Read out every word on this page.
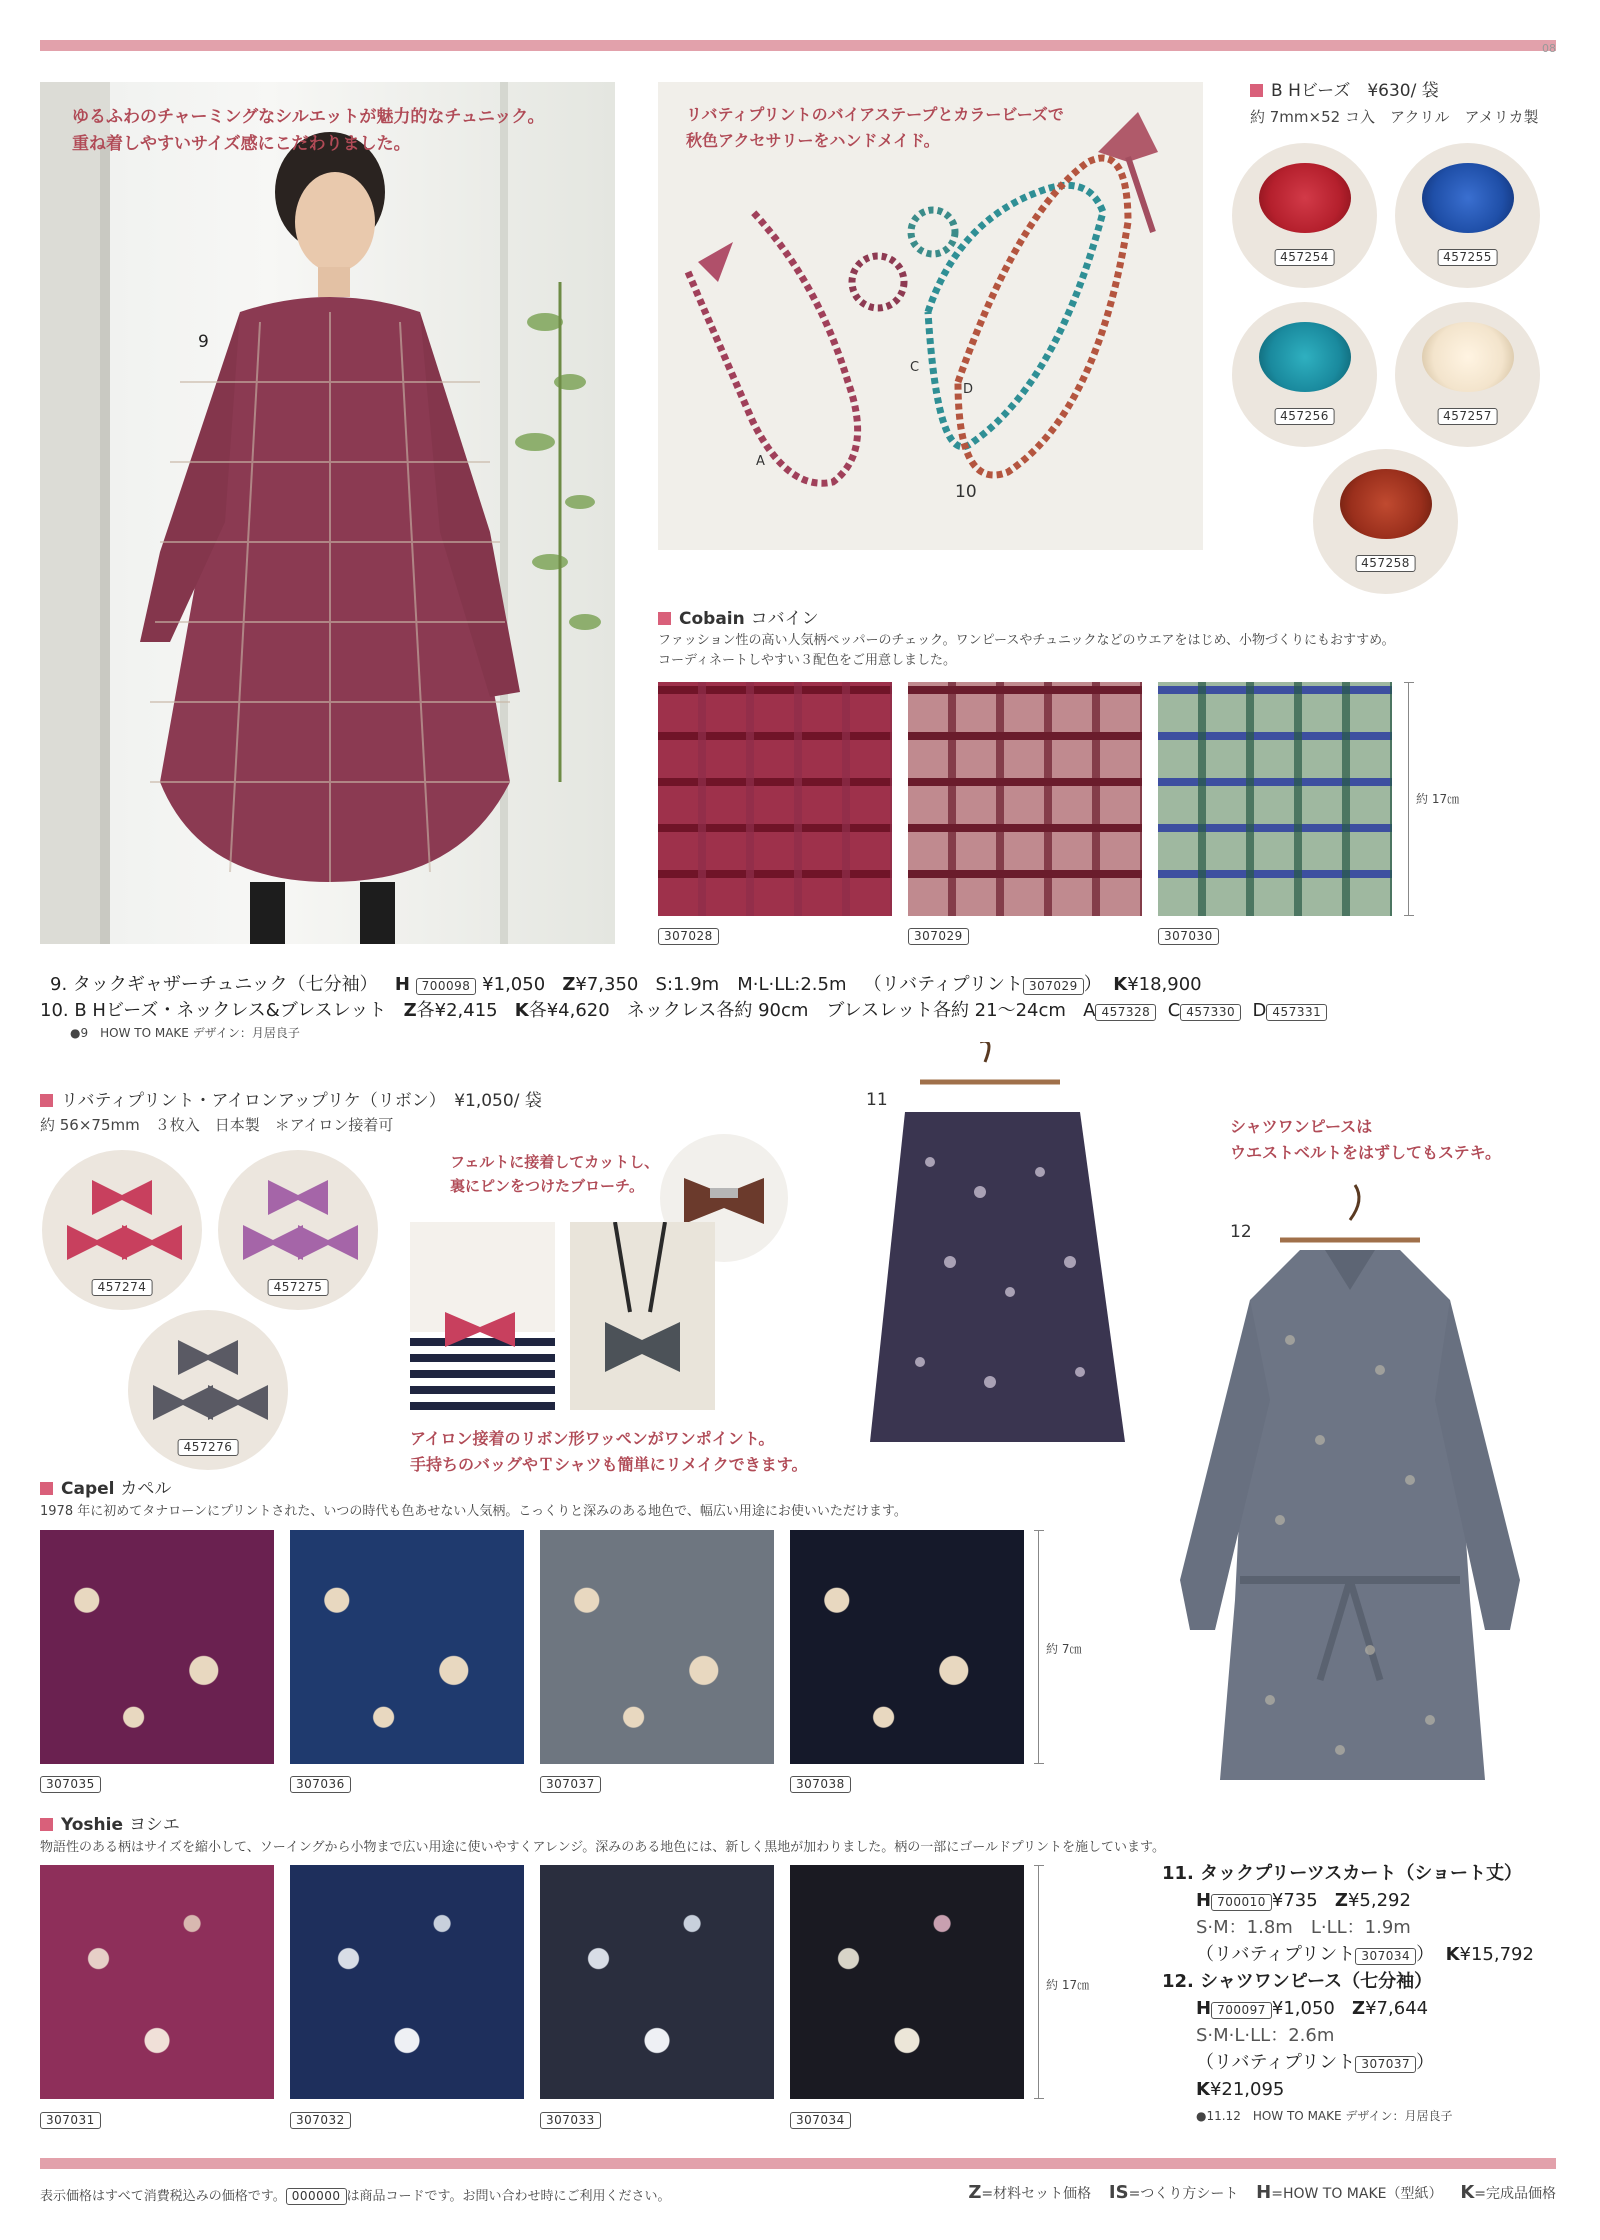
08
ゆるふわのチャーミングなシルエットが魅力的なチュニック。
重ね着しやすいサイズ感にこだわりました。
9
リバティプリントのバイアステープとカラービーズで
秋色アクセサリーをハンドメイド。
A
C
D
10
B Hビーズ　¥630/ 袋
約 7mm×52 コ入　アクリル　アメリカ製
457254	457255
457256	457257
457258
Cobain コバイン
ファッション性の高い人気柄ペッパーのチェック。ワンピースやチュニックなどのウエアをはじめ、小物づくりにもおすすめ。
コーディネートしやすい３配色をご用意しました。
307028	307029	307030
約 17㎝
9. タックギャザーチュニック（七分袖） H 700098 ¥1,050 Z¥7,350 S:1.9m　M·L·LL:2.5m （リバティプリント 307029 ） K¥18,900
10. B Hビーズ・ネックレス&ブレスレット Z各¥2,415 K各¥4,620 ネックレス各約 90cm　ブレスレット各約 21〜24cm A 457328 C 457330 D 457331
●9　HOW TO MAKE デザイン：月居良子
リバティプリント・アイロンアップリケ（リボン）　¥1,050/ 袋
約 56×75mm　３枚入　日本製　＊アイロン接着可
457274	457275
457276
フェルトに接着してカットし、
裏にピンをつけたブローチ。
アイロン接着のリボン形ワッペンがワンポイント。
手持ちのバッグやＴシャツも簡単にリメイクできます。
11
シャツワンピースは
ウエストベルトをはずしてもステキ。
12
Capel カペル
1978 年に初めてタナローンにプリントされた、いつの時代も色あせない人気柄。こっくりと深みのある地色で、幅広い用途にお使いいただけます。
307035	307036	307037	307038
約 7㎝
Yoshie ヨシエ
物語性のある柄はサイズを縮小して、ソーイングから小物まで広い用途に使いやすくアレンジ。深みのある地色には、新しく黒地が加わりました。柄の一部にゴールドプリントを施しています。
307031	307032	307033	307034
約 17㎝
11. タックプリーツスカート（ショート丈）
H 700010 ¥735 Z¥5,292
S·M：1.8m　L·LL：1.9m
（リバティプリント 307034 ） K¥15,792
12. シャツワンピース（七分袖）
H 700097 ¥1,050 Z¥7,644
S·M·L·LL：2.6m
（リバティプリント 307037 ）
K¥21,095
●11.12　HOW TO MAKE デザイン：月居良子
表示価格はすべて消費税込みの価格です。 000000 は商品コードです。お問い合わせ時にご利用ください。	Z=材料セット価格 IS=つくり方シート H=HOW TO MAKE（型紙） K=完成品価格
